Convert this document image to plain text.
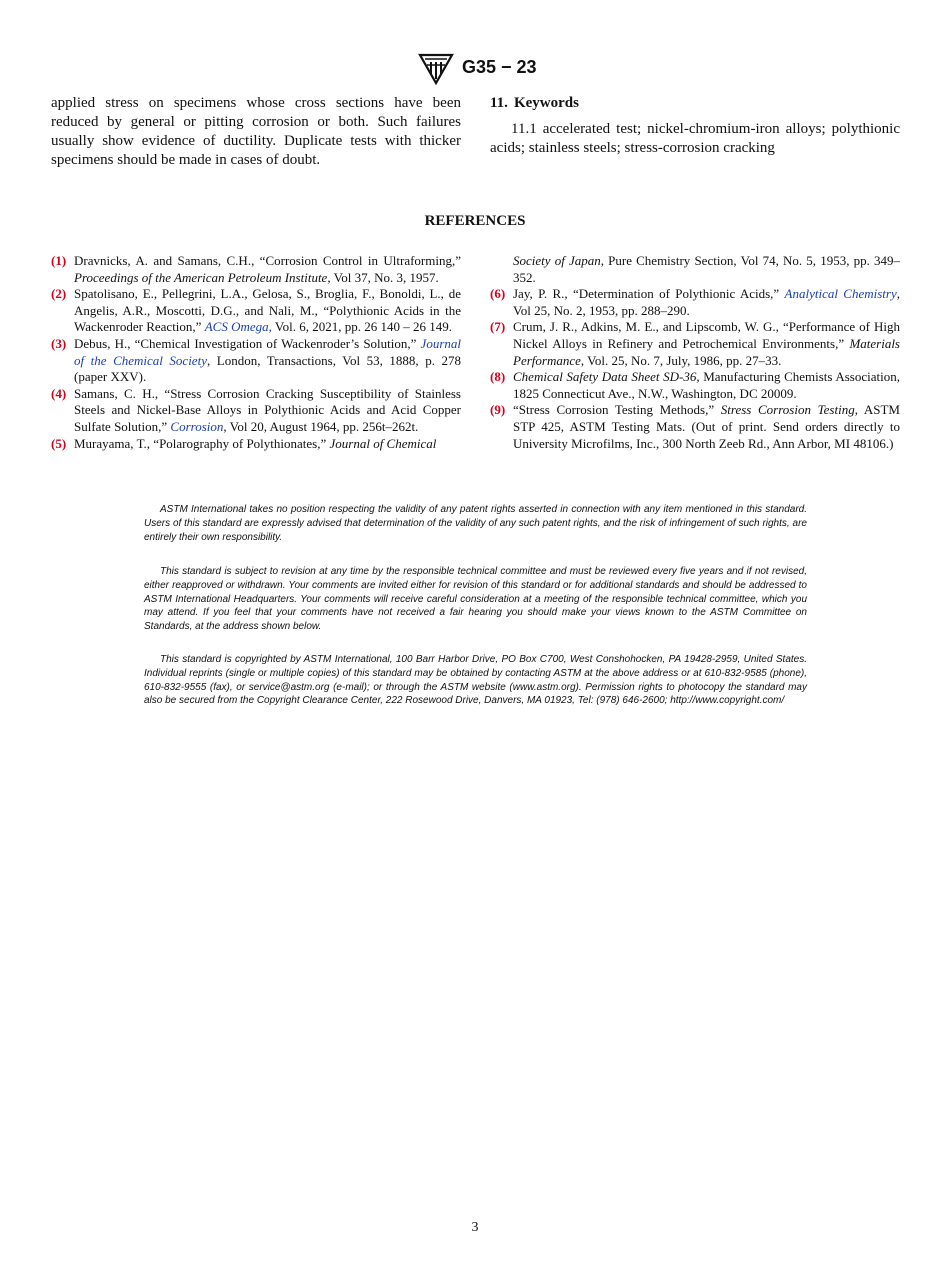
G35 − 23

applied stress on specimens whose cross sections have been reduced by general or pitting corrosion or both. Such failures usually show evidence of ductility. Duplicate tests with thicker specimens should be made in cases of doubt.

11. Keywords

11.1 accelerated test; nickel-chromium-iron alloys; polythionic acids; stainless steels; stress-corrosion cracking

REFERENCES

(1) Dravnicks, A. and Samans, C.H., “Corrosion Control in Ultraforming,” Proceedings of the American Petroleum Institute, Vol 37, No. 3, 1957.

(2) Spatolisano, E., Pellegrini, L.A., Gelosa, S., Broglia, F., Bonoldi, L., de Angelis, A.R., Moscotti, D.G., and Nali, M., “Polythionic Acids in the Wackenroder Reaction,” ACS Omega, Vol. 6, 2021, pp. 26 140 – 26 149.

(3) Debus, H., “Chemical Investigation of Wackenroder’s Solution,” Journal of the Chemical Society, London, Transactions, Vol 53, 1888, p. 278 (paper XXV).

(4) Samans, C. H., “Stress Corrosion Cracking Susceptibility of Stainless Steels and Nickel-Base Alloys in Polythionic Acids and Acid Copper Sulfate Solution,” Corrosion, Vol 20, August 1964, pp. 256t–262t.

(5) Murayama, T., “Polarography of Polythionates,” Journal of Chemical

Society of Japan, Pure Chemistry Section, Vol 74, No. 5, 1953, pp. 349–352.

(6) Jay, P. R., “Determination of Polythionic Acids,” Analytical Chemistry, Vol 25, No. 2, 1953, pp. 288–290.

(7) Crum, J. R., Adkins, M. E., and Lipscomb, W. G., “Performance of High Nickel Alloys in Refinery and Petrochemical Environments,” Materials Performance, Vol. 25, No. 7, July, 1986, pp. 27–33.

(8) Chemical Safety Data Sheet SD-36, Manufacturing Chemists Association, 1825 Connecticut Ave., N.W., Washington, DC 20009.

(9) “Stress Corrosion Testing Methods,” Stress Corrosion Testing, ASTM STP 425, ASTM Testing Mats. (Out of print. Send orders directly to University Microfilms, Inc., 300 North Zeeb Rd., Ann Arbor, MI 48106.)

ASTM International takes no position respecting the validity of any patent rights asserted in connection with any item mentioned in this standard. Users of this standard are expressly advised that determination of the validity of any such patent rights, and the risk of infringement of such rights, are entirely their own responsibility.

This standard is subject to revision at any time by the responsible technical committee and must be reviewed every five years and if not revised, either reapproved or withdrawn. Your comments are invited either for revision of this standard or for additional standards and should be addressed to ASTM International Headquarters. Your comments will receive careful consideration at a meeting of the responsible technical committee, which you may attend. If you feel that your comments have not received a fair hearing you should make your views known to the ASTM Committee on Standards, at the address shown below.

This standard is copyrighted by ASTM International, 100 Barr Harbor Drive, PO Box C700, West Conshohocken, PA 19428-2959, United States. Individual reprints (single or multiple copies) of this standard may be obtained by contacting ASTM at the above address or at 610-832-9585 (phone), 610-832-9555 (fax), or service@astm.org (e-mail); or through the ASTM website (www.astm.org). Permission rights to photocopy the standard may also be secured from the Copyright Clearance Center, 222 Rosewood Drive, Danvers, MA 01923, Tel: (978) 646-2600; http://www.copyright.com/

3
